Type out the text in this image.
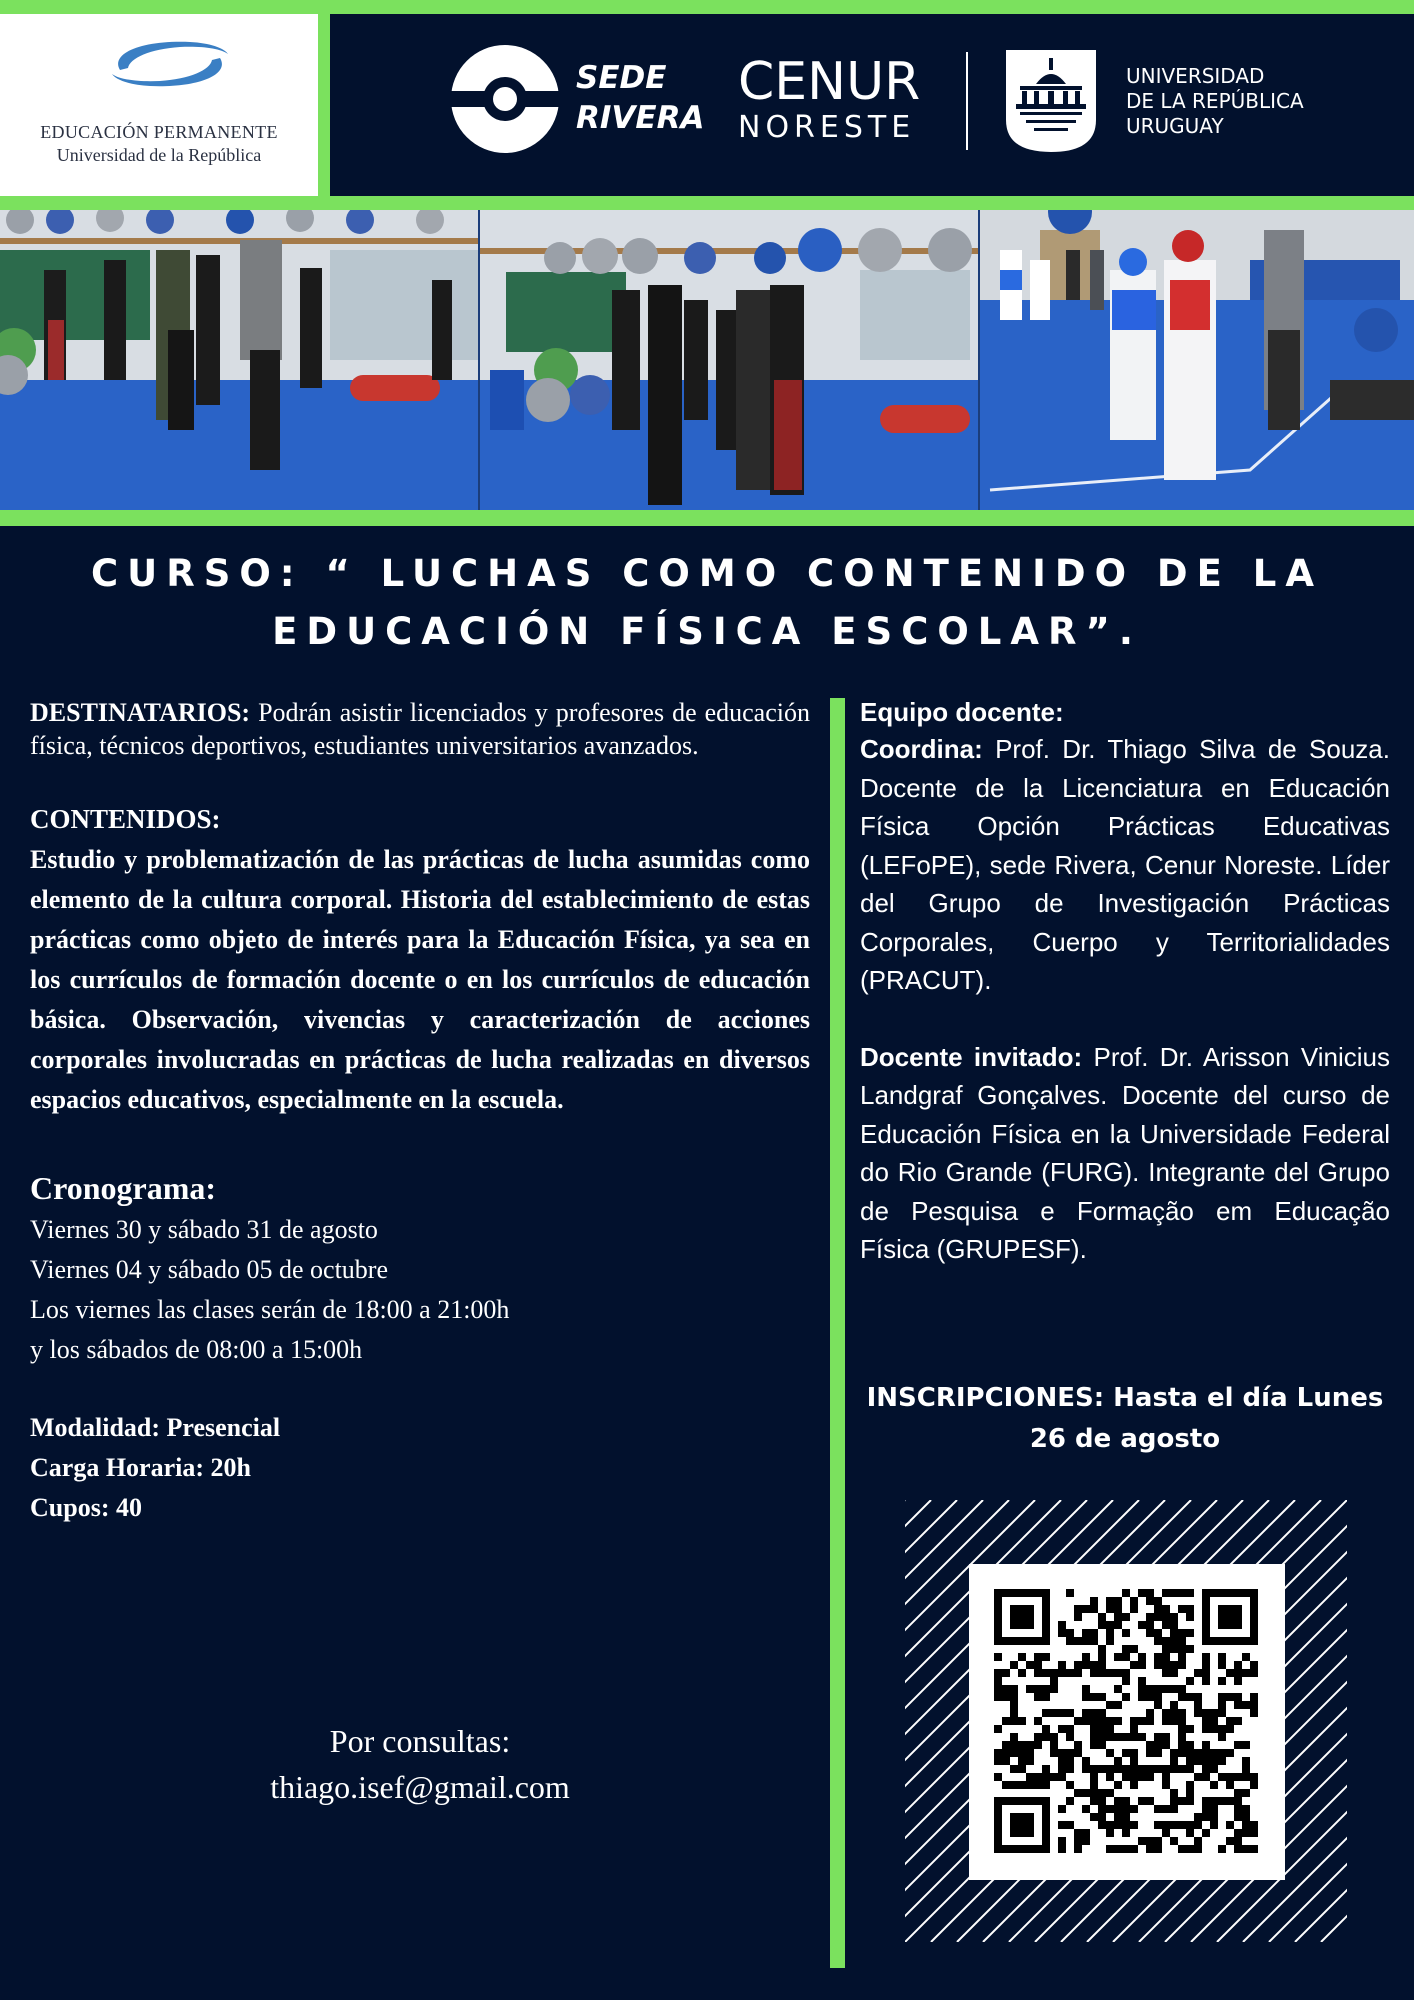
EDUCACIÓN PERMANENTE
Universidad de la República
SEDE
RIVERA
CENUR
NORESTE
UNIVERSIDAD
DE LA REPÚBLICA
URUGUAY
CURSO: “ LUCHAS COMO CONTENIDO DE LA EDUCACIÓN FÍSICA ESCOLAR”.

DESTINATARIOS: Podrán asistir licenciados y profesores de educación física, técnicos deportivos, estudiantes universitarios avanzados.

CONTENIDOS:

Estudio y problematización de las prácticas de lucha asumidas como elemento de la cultura corporal. Historia del establecimiento de estas prácticas como objeto de interés para la Educación Física, ya sea en los currículos de formación docente o en los currículos de educación básica. Observación, vivencias y caracterización de acciones corporales involucradas en prácticas de lucha realizadas en diversos espacios educativos, especialmente en la escuela.

Cronograma:
Viernes 30 y sábado 31 de agosto
Viernes 04 y sábado 05 de octubre
Los viernes las clases serán de 18:00 a 21:00h
y los sábados de 08:00 a 15:00h
Modalidad: Presencial
Carga Horaria: 20h
Cupos: 40
Por consultas:
thiago.isef@gmail.com
Equipo docente:

Coordina: Prof. Dr. Thiago Silva de Souza. Docente de la Licenciatura en Educación Física Opción Prácticas Educativas (LEFoPE), sede Rivera, Cenur Noreste. Líder del Grupo de Investigación Prácticas Corporales, Cuerpo y Territorialidades (PRACUT).

Docente invitado: Prof. Dr. Arisson Vinicius Landgraf Gonçalves. Docente del curso de Educación Física en la Universidade Federal do Rio Grande (FURG). Integrante del Grupo de Pesquisa e Formação em Educação Física (GRUPESF).

INSCRIPCIONES: Hasta el día Lunes 26 de agosto
